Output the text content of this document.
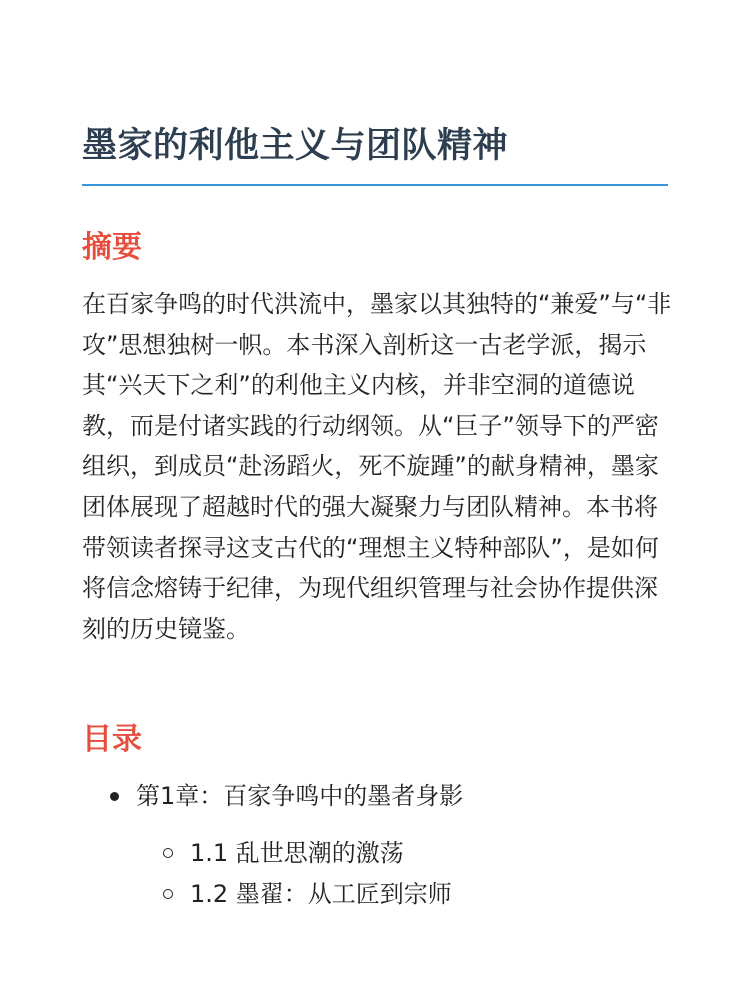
墨家的利他主义与团队精神
摘要

在百家争鸣的时代洪流中，墨家以其独特的“兼爱”与“非攻”思想独树一帜。本书深入剖析这一古老学派，揭示其“兴天下之利”的利他主义内核，并非空洞的道德说教，而是付诸实践的行动纲领。从“巨子”领导下的严密组织，到成员“赴汤蹈火，死不旋踵”的献身精神，墨家团体展现了超越时代的强大凝聚力与团队精神。本书将带领读者探寻这支古代的“理想主义特种部队”，是如何将信念熔铸于纪律，为现代组织管理与社会协作提供深刻的历史镜鉴。

目录
第1章：百家争鸣中的墨者身影
1.1 乱世思潮的激荡
1.2 墨翟：从工匠到宗师
